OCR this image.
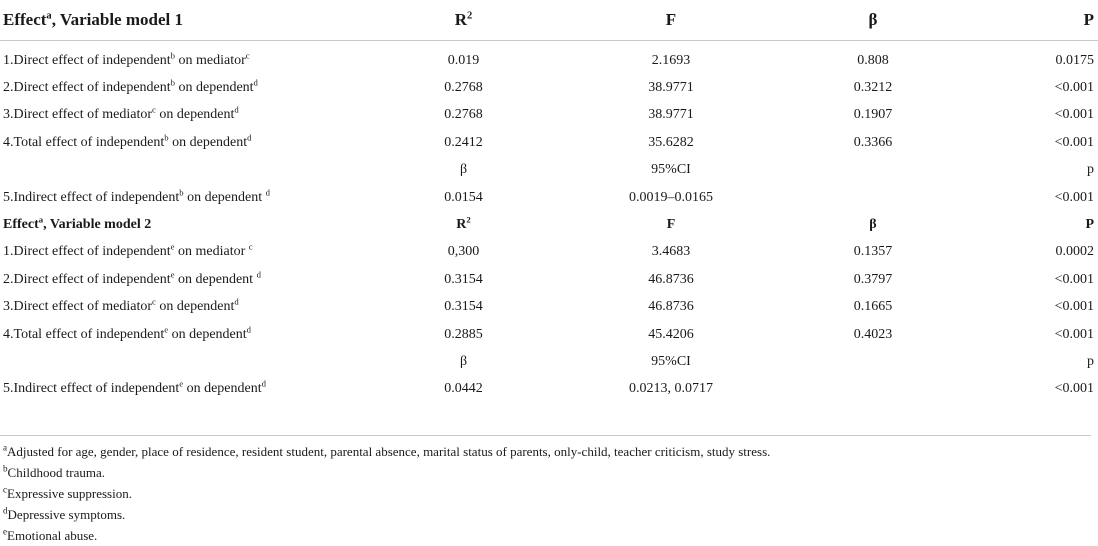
Effect$^a$, Variable model 1	$R^2$	F	β	P

1.Direct effect of independent$^b$ on mediator$^c$	0.019	2.1693	0.808	0.0175
2.Direct effect of independent$^b$ on dependent$^d$	0.2768	38.9771	0.3212	<0.001
3.Direct effect of mediator$^c$ on dependent$^d$	0.2768	38.9771	0.1907	<0.001
4.Total effect of independent$^b$ on dependent$^d$	0.2412	35.6282	0.3366	<0.001
	β	95%CI		p
5.Indirect effect of independent$^b$ on dependent $^d$	0.0154	0.0019–0.0165		<0.001
Effect$^a$, Variable model 2	$R^2$	F	β	P
1.Direct effect of independent$^e$ on mediator $^c$	0,300	3.4683	0.1357	0.0002
2.Direct effect of independent$^e$ on dependent $^d$	0.3154	46.8736	0.3797	<0.001
3.Direct effect of mediator$^c$ on dependent$^d$	0.3154	46.8736	0.1665	<0.001
4.Total effect of independent$^e$ on dependent$^d$	0.2885	45.4206	0.4023	<0.001
	β	95%CI		p
5.Indirect effect of independent$^e$ on dependent$^d$	0.0442	0.0213, 0.0717		<0.001
$^a$Adjusted for age, gender, place of residence, resident student, parental absence, marital status of parents, only-child, teacher criticism, study stress.
$^b$Childhood trauma.
$^c$Expressive suppression.
$^d$Depressive symptoms.
$^e$Emotional abuse.
